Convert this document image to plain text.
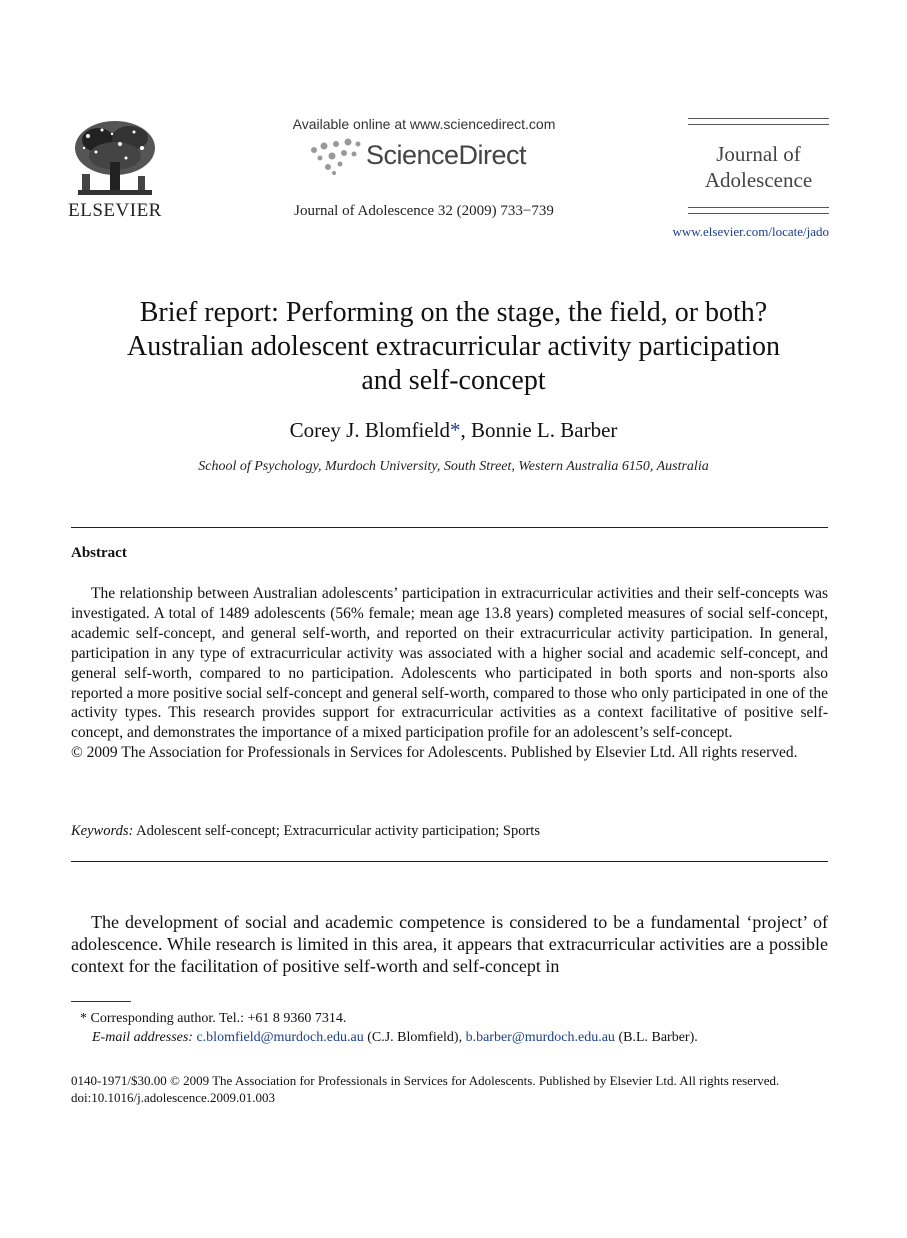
ELSEVIER
Available online at www.sciencedirect.com
ScienceDirect
Journal of Adolescence 32 (2009) 733−739
Journal of
Adolescence
www.elsevier.com/locate/jado
Brief report: Performing on the stage, the field, or both?
Australian adolescent extracurricular activity participation
and self-concept
Corey J. Blomfield*, Bonnie L. Barber
School of Psychology, Murdoch University, South Street, Western Australia 6150, Australia
Abstract

The relationship between Australian adolescents’ participation in extracurricular activities and their self-concepts was investigated. A total of 1489 adolescents (56% female; mean age 13.8 years) completed measures of social self-concept, academic self-concept, and general self-worth, and reported on their extracurricular activity participation. In general, participation in any type of extracurricular activity was associated with a higher social and academic self-concept, and general self-worth, compared to no participation. Adolescents who participated in both sports and non-sports also reported a more positive social self-concept and general self-worth, compared to those who only participated in one of the activity types. This research provides support for extracurricular activities as a context facilitative of positive self-concept, and demonstrates the importance of a mixed participation profile for an adolescent’s self-concept.

© 2009 The Association for Professionals in Services for Adolescents. Published by Elsevier Ltd. All rights reserved.
Keywords: Adolescent self-concept; Extracurricular activity participation; Sports

The development of social and academic competence is considered to be a fundamental ‘project’ of adolescence. While research is limited in this area, it appears that extracurricular activities are a possible context for the facilitation of positive self-worth and self-concept in

* Corresponding author. Tel.: +61 8 9360 7314.
E-mail addresses: c.blomfield@murdoch.edu.au (C.J. Blomfield), b.barber@murdoch.edu.au (B.L. Barber).
0140-1971/$30.00 © 2009 The Association for Professionals in Services for Adolescents. Published by Elsevier Ltd. All rights reserved.
doi:10.1016/j.adolescence.2009.01.003
